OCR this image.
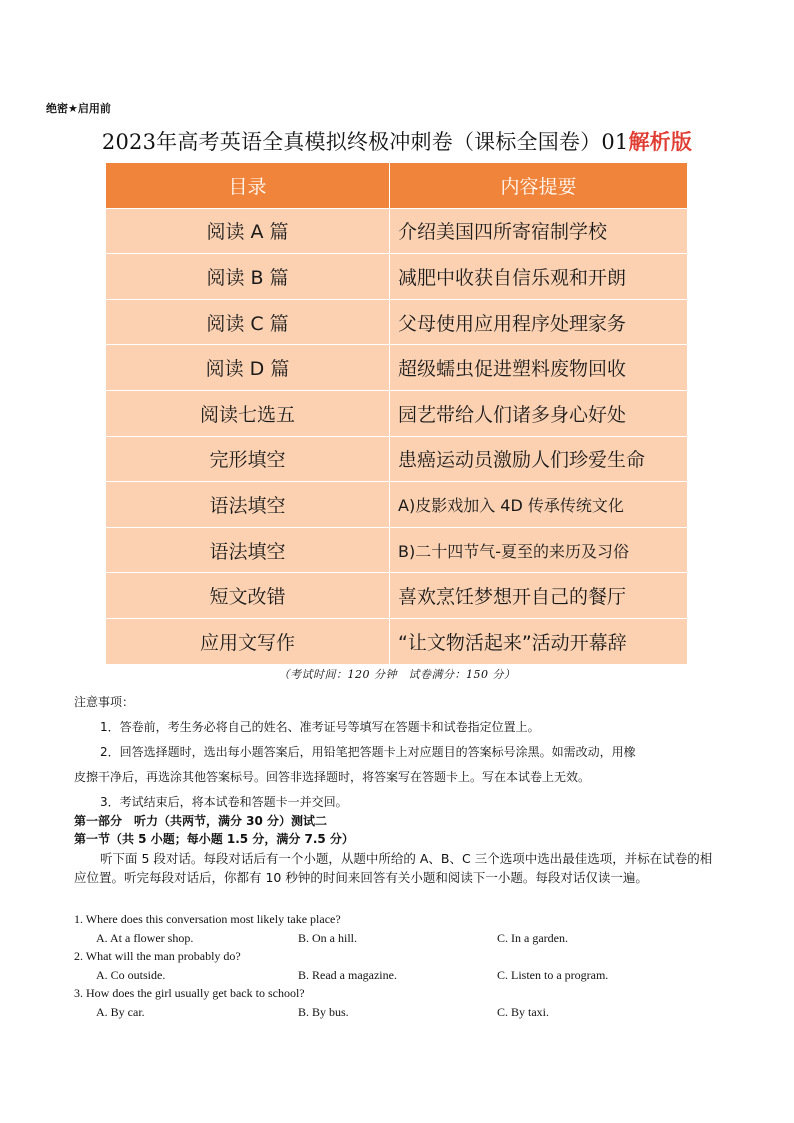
绝密★启用前
2023年高考英语全真模拟终极冲刺卷（课标全国卷）01解析版
目录	内容提要
阅读 A 篇	介绍美国四所寄宿制学校
阅读 B 篇	减肥中收获自信乐观和开朗
阅读 C 篇	父母使用应用程序处理家务
阅读 D 篇	超级蠕虫促进塑料废物回收
阅读七选五	园艺带给人们诸多身心好处
完形填空	患癌运动员激励人们珍爱生命
语法填空	A)皮影戏加入 4D 传承传统文化
语法填空	B)二十四节气-夏至的来历及习俗
短文改错	喜欢烹饪梦想开自己的餐厅
应用文写作	“让文物活起来”活动开幕辞
（考试时间：120 分钟　试卷满分：150 分）
注意事项：
1．答卷前，考生务必将自己的姓名、准考证号等填写在答题卡和试卷指定位置上。
2．回答选择题时，选出每小题答案后，用铅笔把答题卡上对应题目的答案标号涂黑。如需改动，用橡
皮擦干净后，再选涂其他答案标号。回答非选择题时，将答案写在答题卡上。写在本试卷上无效。
3．考试结束后，将本试卷和答题卡一并交回。
第一部分　听力（共两节，满分 30 分）测试二
第一节（共 5 小题；每小题 1.5 分，满分 7.5 分）
听下面 5 段对话。每段对话后有一个小题，从题中所给的 A、B、C 三个选项中选出最佳选项，并标在试卷的相应位置。听完每段对话后，你都有 10 秒钟的时间来回答有关小题和阅读下一小题。每段对话仅读一遍。
1. Where does this conversation most likely take place?
A. At a flower shop.	B. On a hill.	C. In a garden.
2. What will the man probably do?
A. Co outside.	B. Read a magazine.	C. Listen to a program.
3. How does the girl usually get back to school?
A. By car.	B. By bus.	C. By taxi.
